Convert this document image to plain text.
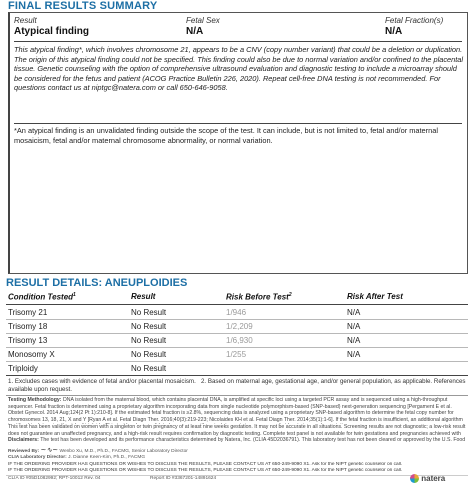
FINAL RESULTS SUMMARY
Result
Atypical finding
Fetal Sex
N/A
Fetal Fraction(s)
N/A
This atypical finding*, which involves chromosome 21, appears to be a CNV (copy number variant) that could be a deletion or duplication. The origin of this atypical finding could not be specified. This finding could also be due to normal variation and/or confined to the placental tissue. Genetic counseling with the option of comprehensive ultrasound evaluation and diagnostic testing to include a microarray should be considered for the fetus and patient (ACOG Practice Bulletin 226, 2020). Repeat cell-free DNA testing is not recommended. For questions contact us at niptgc@natera.com or call 650-646-9058.
*An atypical finding is an unvalidated finding outside the scope of the test. It can include, but is not limited to, fetal and/or maternal mosaicism, fetal and/or maternal chromosome abnormality, or normal variation.
RESULT DETAILS: ANEUPLOIDIES
Condition Tested$^1$	Result	Risk Before Test$^2$	Risk After Test
Trisomy 21	No Result	1/946	N/A
Trisomy 18	No Result	1/2,209	N/A
Trisomy 13	No Result	1/6,930	N/A
Monosomy X	No Result	1/255	N/A
Triploidy	No Result
1. Excludes cases with evidence of fetal and/or placental mosaicism. 2. Based on maternal age, gestational age, and/or general population, as applicable. References available upon request.
Testing Methodology: DNA isolated from the maternal blood, which contains placental DNA, is amplified at specific loci using a targeted PCR assay and is sequenced using a high-throughput sequencer. Fetal fraction is determined using a proprietary algorithm incorporating data from single nucleotide polymorphism-based (SNP-based) next-generation sequencing [Pergament E et al. Obstet Gynecol. 2014 Aug;124(2 Pt 1):210-8]. If the estimated fetal fraction is ≥2.8%, sequencing data is analyzed using a proprietary SNP-based algorithm to determine the fetal copy number for chromosomes 13, 18, 21, X and Y [Ryan A et al. Fetal Diagn Ther. 2016;40(3):219-223; Nicolaides KH et al. Fetal Diagn Ther. 2014;35(1):1-6]. If the fetal fraction is insufficient, an additional algorithm
This test has been validated on women with a singleton or twin pregnancy of at least nine weeks gestation. It may not be accurate in all situations. Screening results are not diagnostic; a low-risk result does not guarantee an unaffected pregnancy, and a high-risk result requires confirmation by diagnostic testing. Complete test panel is not available for twin gestations and pregnancies achieved with
Disclaimers: The test has been developed and its performance characteristics determined by Natera, Inc. (CLIA 45D2036791). This laboratory test has not been cleared or approved by the U.S. Food
Reviewed By: ~∿~ Wenbo Xu, M.D., Ph.D., FACMG, Senior Laboratory Director
CLIA Laboratory Director: J. Dianne Keen-Kim, Ph.D., FACMG
IF THE ORDERING PROVIDER HAS QUESTIONS OR WISHES TO DISCUSS THE RESULTS, PLEASE CONTACT US AT 650-249-9090 X1. Ask for the NIPT genetic counselor on call.
IF THE ORDERING PROVIDER HAS QUESTIONS OR WISHES TO DISCUSS THE RESULTS, PLEASE CONTACT US AT 650-249-9090 X1. Ask for the NIPT genetic counselor on call.
CLIA ID #05D1082992; RPT-10012 Rev. 04	Report ID #3367201-14891624	natera
